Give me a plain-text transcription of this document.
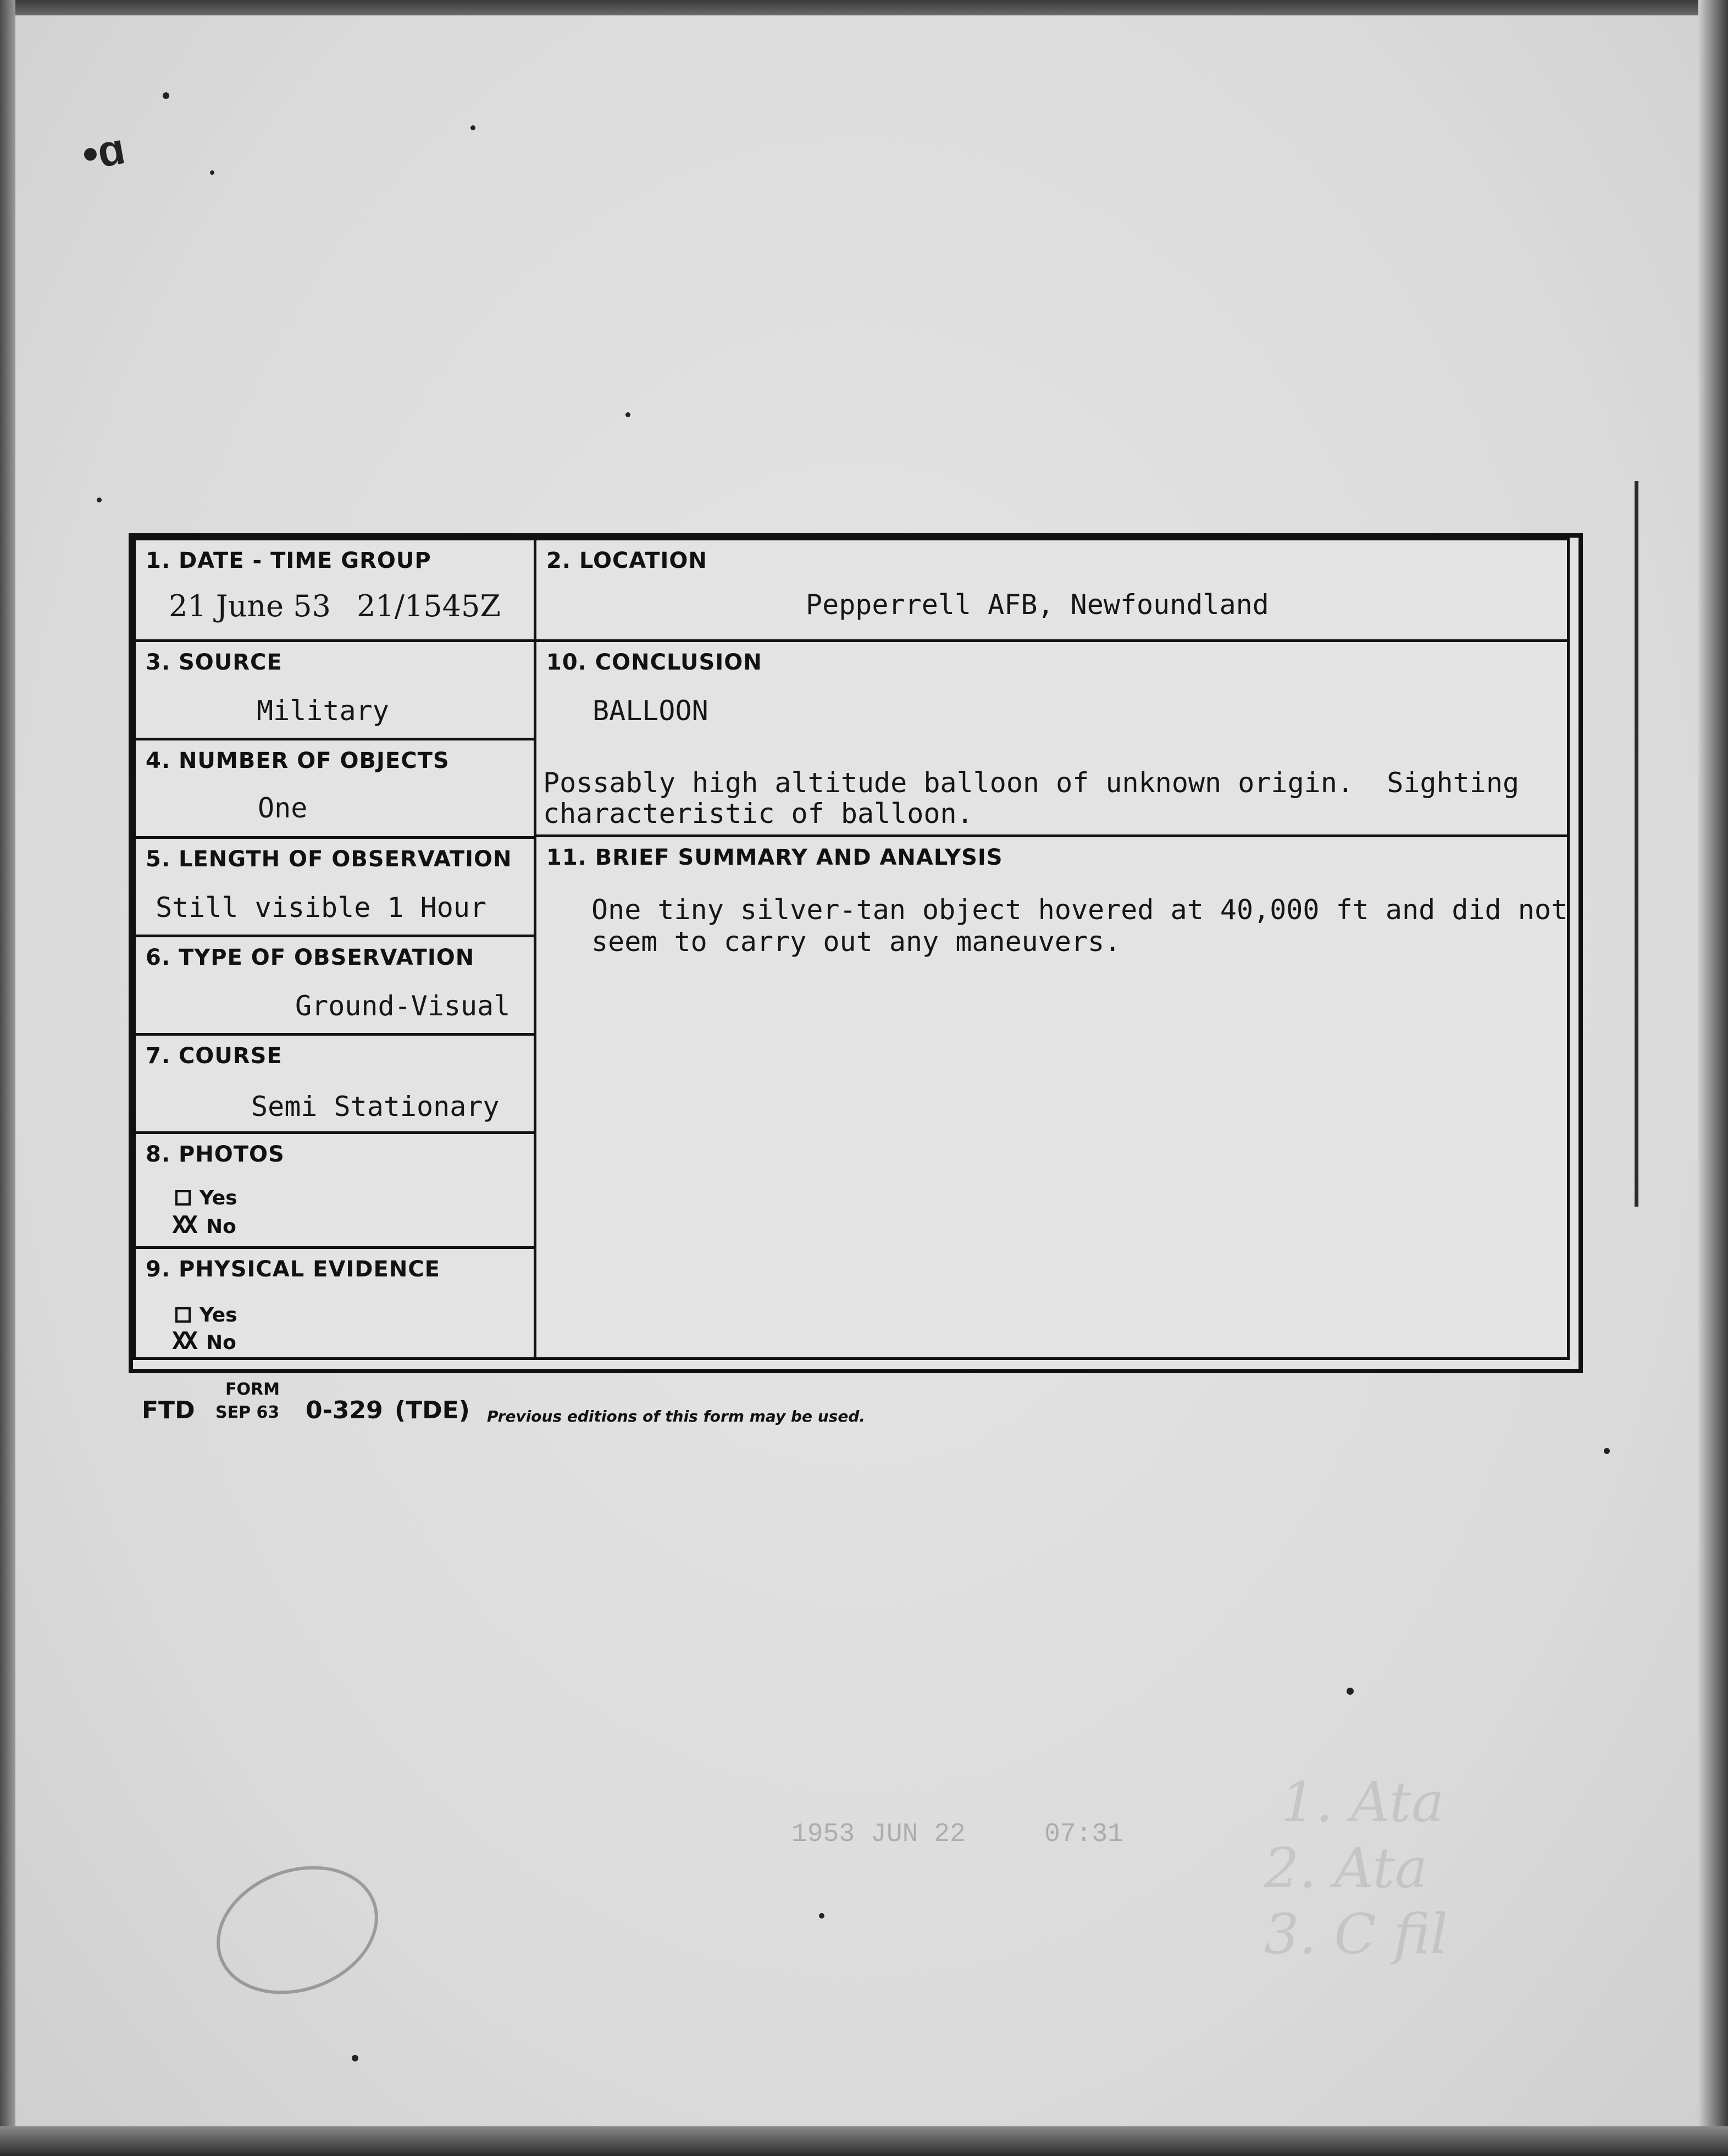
•ɑ
1953 JUN 22	07:31	1. Ata
2. Ata
3. C fil
1. DATE - TIME GROUP
21 June 53 21/1545Z
2. LOCATION
Pepperrell AFB, Newfoundland
3. SOURCE
Military
10. CONCLUSION
BALLOON
Possably high altitude balloon of unknown origin.  Sighting
characteristic of balloon.
4. NUMBER OF OBJECTS
One
5. LENGTH OF OBSERVATION
Still visible 1 Hour
11. BRIEF SUMMARY AND ANALYSIS
One tiny silver-tan object hovered at 40,000 ft and did not
seem to carry out any maneuvers.
6. TYPE OF OBSERVATION
Ground-Visual
7. COURSE
Semi Stationary
8. PHOTOS
Yes
XX No
9. PHYSICAL EVIDENCE
Yes
XX No
FTD
FORM
SEP 63 0-329 (TDE) Previous editions of this form may be used.
